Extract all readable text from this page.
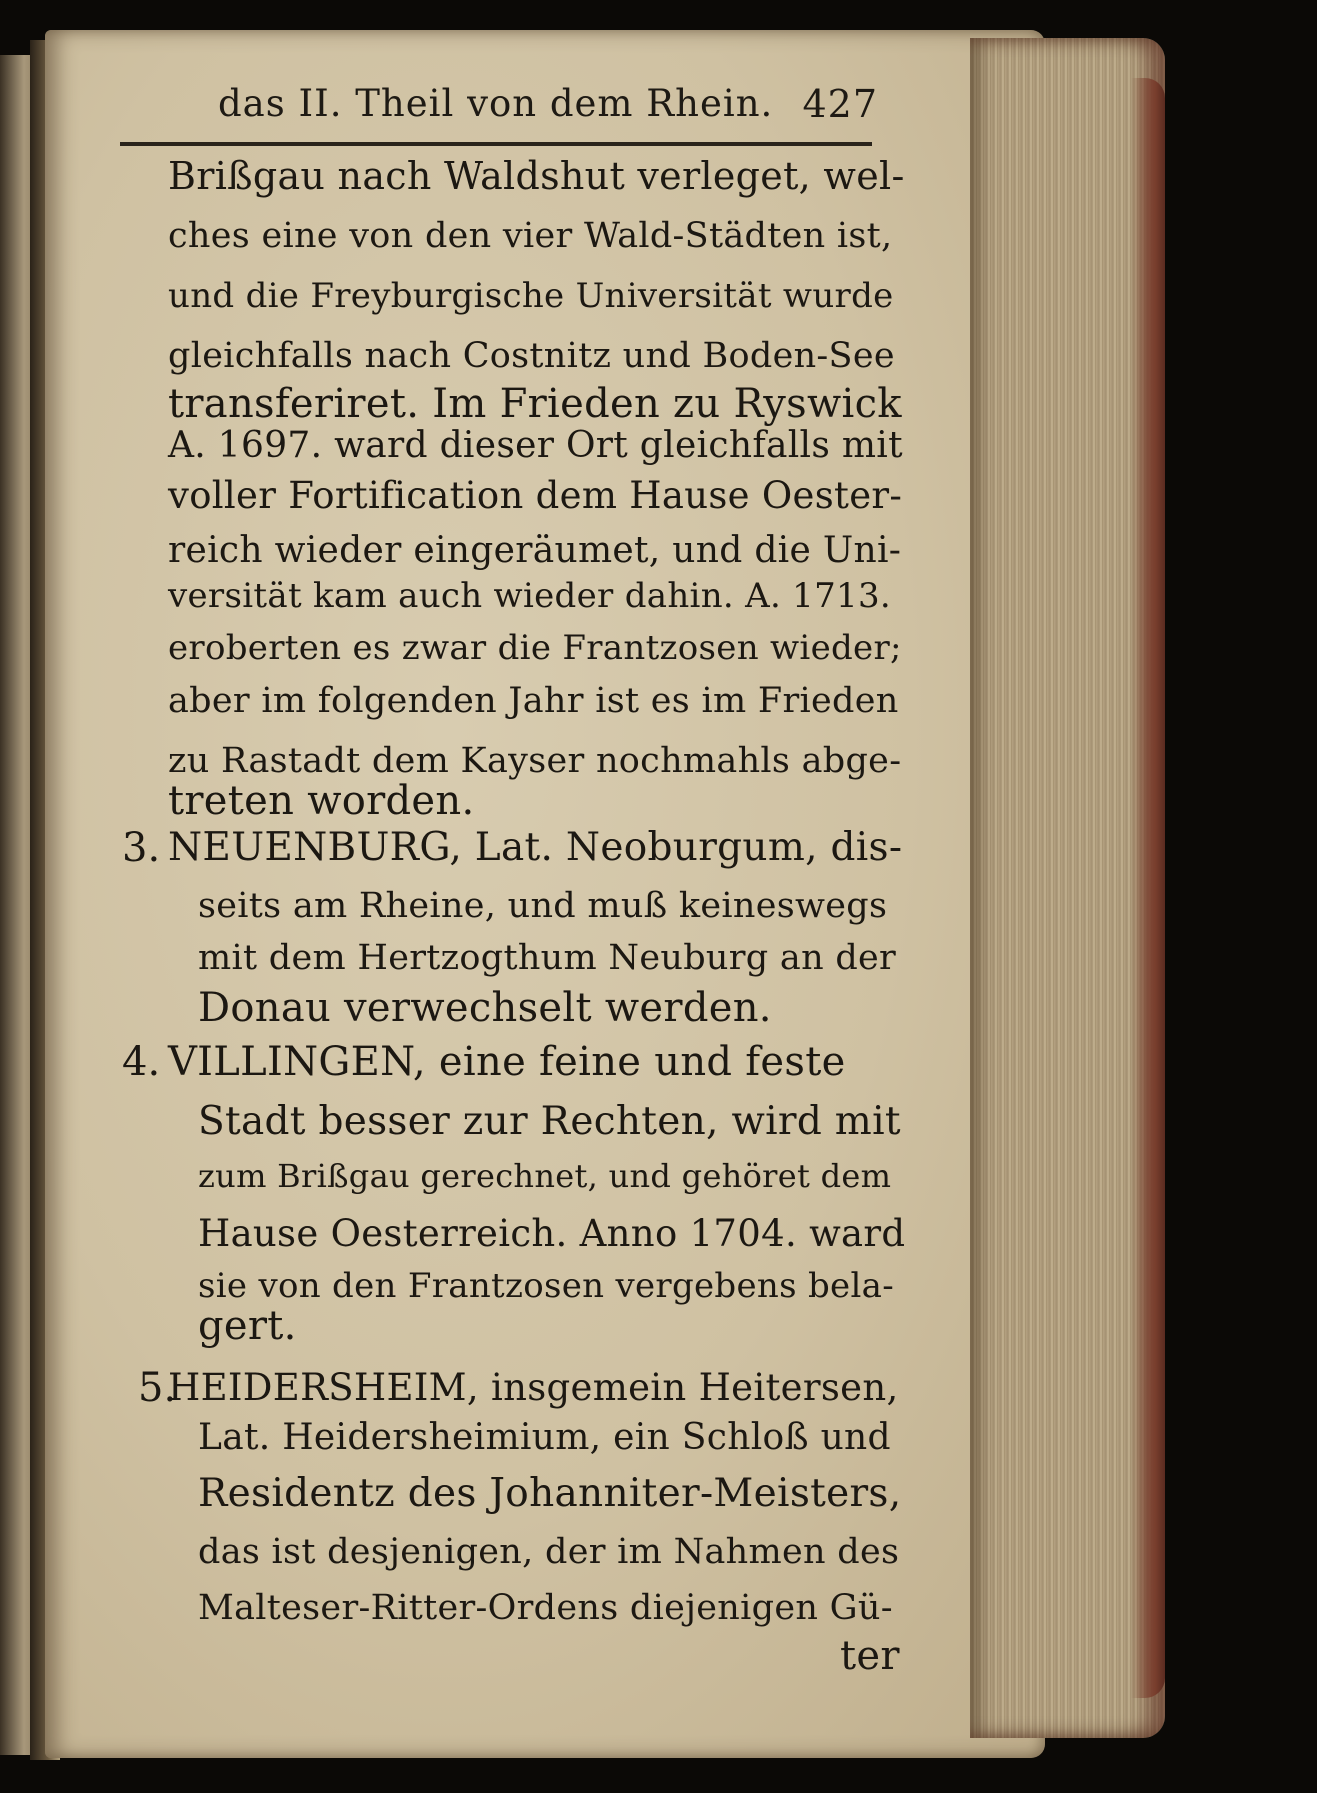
das II. Theil von dem Rhein. 427
Brißgau nach Waldshut verleget, wel-
ches eine von den vier Wald-Städten ist,
und die Freyburgische Universität wurde
gleichfalls nach Costnitz und Boden-See
transferiret. Im Frieden zu Ryswick
A. 1697. ward dieser Ort gleichfalls mit
voller Fortification dem Hause Oester-
reich wieder eingeräumet, und die Uni-
versität kam auch wieder dahin. A. 1713.
eroberten es zwar die Frantzosen wieder;
aber im folgenden Jahr ist es im Frieden
zu Rastadt dem Kayser nochmahls abge-
treten worden.
3. NEUENBURG, Lat. Neoburgum, dis-
seits am Rheine, und muß keineswegs
mit dem Hertzogthum Neuburg an der
Donau verwechselt werden.
4. VILLINGEN, eine feine und feste
Stadt besser zur Rechten, wird mit
zum Brißgau gerechnet, und gehöret dem
Hause Oesterreich. Anno 1704. ward
sie von den Frantzosen vergebens bela-
gert.
5.
HEIDERSHEIM, insgemein Heitersen,
Lat. Heidersheimium, ein Schloß und
Residentz des Johanniter-Meisters,
das ist desjenigen, der im Nahmen des
Malteser-Ritter-Ordens diejenigen Gü-
ter
